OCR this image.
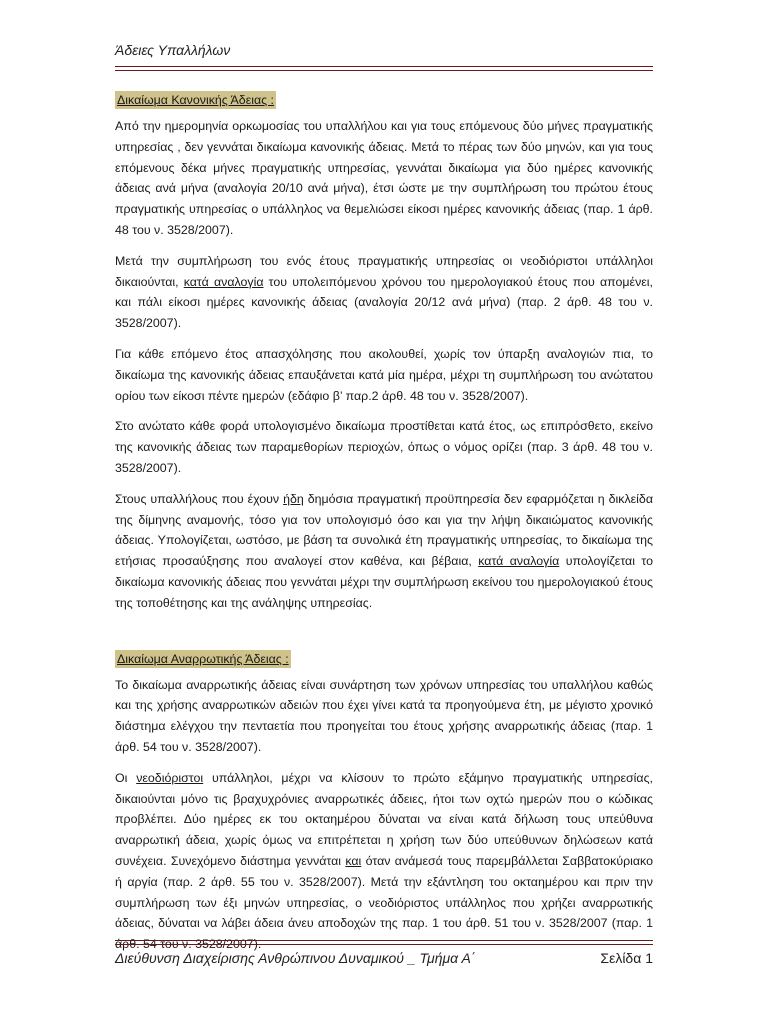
Άδειες Υπαλλήλων
Δικαίωμα Κανονικής Άδειας :

Από την ημερομηνία ορκωμοσίας του υπαλλήλου και για τους επόμενους δύο μήνες πραγματικής υπηρεσίας , δεν γεννάται δικαίωμα κανονικής άδειας. Μετά το πέρας των δύο μηνών, και για τους επόμενους δέκα μήνες πραγματικής υπηρεσίας, γεννάται δικαίωμα για δύο ημέρες κανονικής άδειας ανά μήνα (αναλογία 20/10 ανά μήνα), έτσι ώστε με την συμπλήρωση του πρώτου έτους πραγματικής υπηρεσίας ο υπάλληλος να θεμελιώσει είκοσι ημέρες κανονικής άδειας (παρ. 1 άρθ. 48 του ν. 3528/2007).

Μετά την συμπλήρωση του ενός έτους πραγματικής υπηρεσίας οι νεοδιόριστοι υπάλληλοι δικαιούνται, κατά αναλογία του υπολειπόμενου χρόνου του ημερολογιακού έτους που απομένει, και πάλι είκοσι ημέρες κανονικής άδειας (αναλογία 20/12 ανά μήνα) (παρ. 2 άρθ. 48 του ν. 3528/2007).

Για κάθε επόμενο έτος απασχόλησης που ακολουθεί, χωρίς τον ύπαρξη αναλογιών πια, το δικαίωμα της κανονικής άδειας επαυξάνεται κατά μία ημέρα, μέχρι τη συμπλήρωση του ανώτατου ορίου των είκοσι πέντε ημερών (εδάφιο β’ παρ.2 άρθ. 48 του ν. 3528/2007).

Στο ανώτατο κάθε φορά υπολογισμένο δικαίωμα προστίθεται κατά έτος, ως επιπρόσθετο, εκείνο της κανονικής άδειας των παραμεθορίων περιοχών, όπως ο νόμος ορίζει (παρ. 3 άρθ. 48 του ν. 3528/2007).

Στους υπαλλήλους που έχουν ήδη δημόσια πραγματική προϋπηρεσία δεν εφαρμόζεται η δικλείδα της δίμηνης αναμονής, τόσο για τον υπολογισμό όσο και για την λήψη δικαιώματος κανονικής άδειας. Υπολογίζεται, ωστόσο, με βάση τα συνολικά έτη πραγματικής υπηρεσίας, το δικαίωμα της ετήσιας προσαύξησης που αναλογεί στον καθένα, και βέβαια, κατά αναλογία υπολογίζεται το δικαίωμα κανονικής άδειας που γεννάται μέχρι την συμπλήρωση εκείνου του ημερολογιακού έτους της τοποθέτησης και της ανάληψης υπηρεσίας.

Δικαίωμα Αναρρωτικής Άδειας :

Το δικαίωμα αναρρωτικής άδειας είναι συνάρτηση των χρόνων υπηρεσίας του υπαλλήλου καθώς και της χρήσης αναρρωτικών αδειών που έχει γίνει κατά τα προηγούμενα έτη, με μέγιστο χρονικό διάστημα ελέγχου την πενταετία που προηγείται του έτους χρήσης αναρρωτικής άδειας (παρ. 1 άρθ. 54 του ν. 3528/2007).

Οι νεοδιόριστοι υπάλληλοι, μέχρι να κλίσουν το πρώτο εξάμηνο πραγματικής υπηρεσίας, δικαιούνται μόνο τις βραχυχρόνιες αναρρωτικές άδειες, ήτοι των οχτώ ημερών που ο κώδικας προβλέπει. Δύο ημέρες εκ του οκταημέρου δύναται να είναι κατά δήλωση τους υπεύθυνα αναρρωτική άδεια, χωρίς όμως να επιτρέπεται η χρήση των δύο υπεύθυνων δηλώσεων κατά συνέχεια. Συνεχόμενο διάστημα γεννάται και όταν ανάμεσά τους παρεμβάλλεται Σαββατοκύριακο ή αργία (παρ. 2 άρθ. 55 του ν. 3528/2007). Μετά την εξάντληση του οκταημέρου και πριν την συμπλήρωση των έξι μηνών υπηρεσίας, ο νεοδιόριστος υπάλληλος που χρήζει αναρρωτικής άδειας, δύναται να λάβει άδεια άνευ αποδοχών της παρ. 1 του άρθ. 51 του ν. 3528/2007 (παρ. 1 άρθ. 54 του ν. 3528/2007).

Διεύθυνση Διαχείρισης Ανθρώπινου Δυναμικού _ Τμήμα Α΄	Σελίδα 1
